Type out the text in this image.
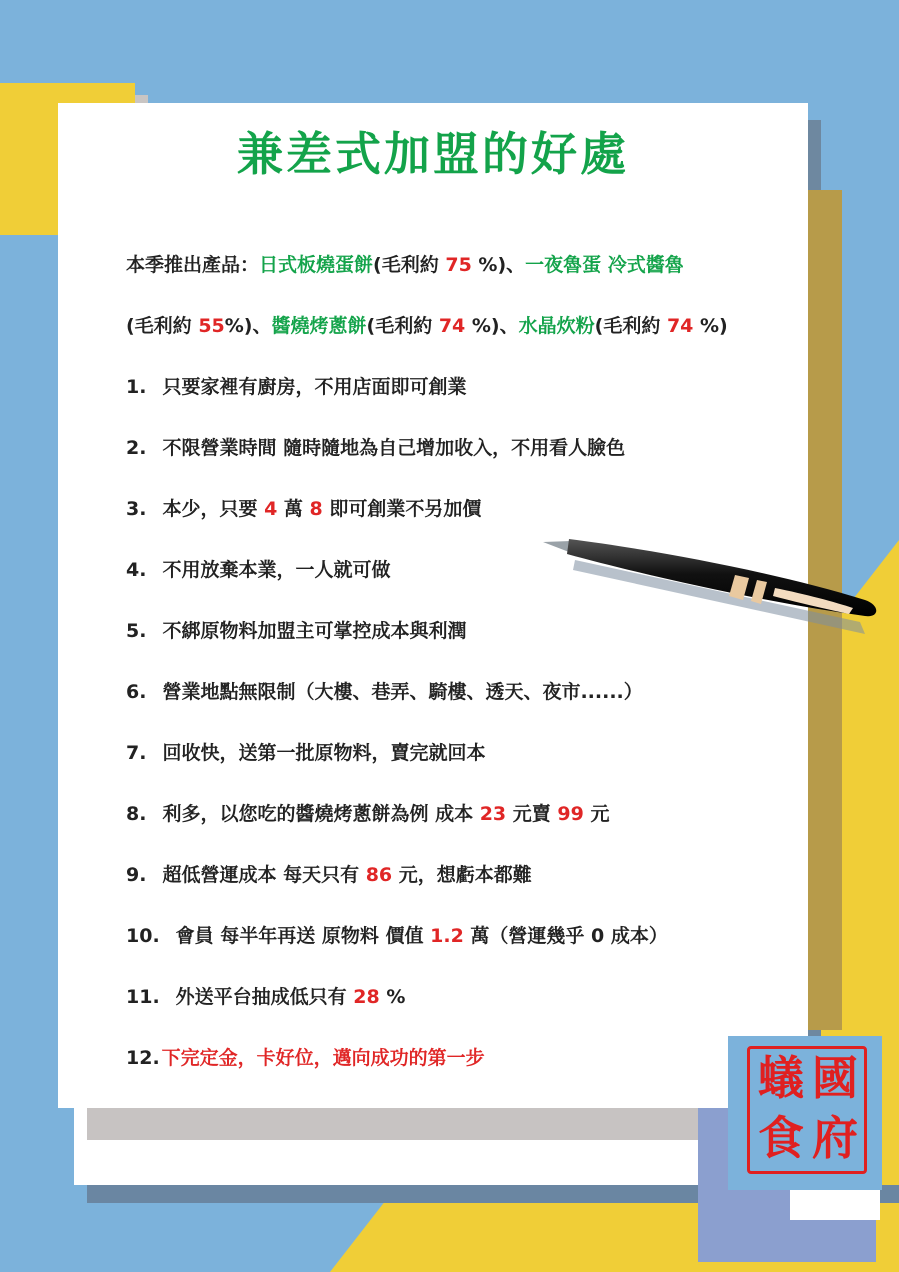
兼差式加盟的好處
本季推出產品：日式板燒蛋餅(毛利約 75 %)、一夜魯蛋 冷式醬魯
(毛利約 55%)、醬燒烤蔥餅(毛利約 74 %)、水晶炊粉(毛利約 74 %)
1. 只要家裡有廚房，不用店面即可創業
2. 不限營業時間 隨時隨地為自己增加收入，不用看人臉色
3. 本少，只要 4 萬 8 即可創業不另加價
4. 不用放棄本業，一人就可做
5. 不綁原物料加盟主可掌控成本與利潤
6. 營業地點無限制（大樓、巷弄、騎樓、透天、夜市......）
7. 回收快，送第一批原物料，賣完就回本
8. 利多，以您吃的醬燒烤蔥餅為例 成本 23 元賣 99 元
9. 超低營運成本 每天只有 86 元，想虧本都難
10. 會員 每半年再送 原物料 價值 1.2 萬（營運幾乎 0 成本）
11. 外送平台抽成低只有 28 %
12. 下完定金，卡好位，邁向成功的第一步	國
蟻
府
食
